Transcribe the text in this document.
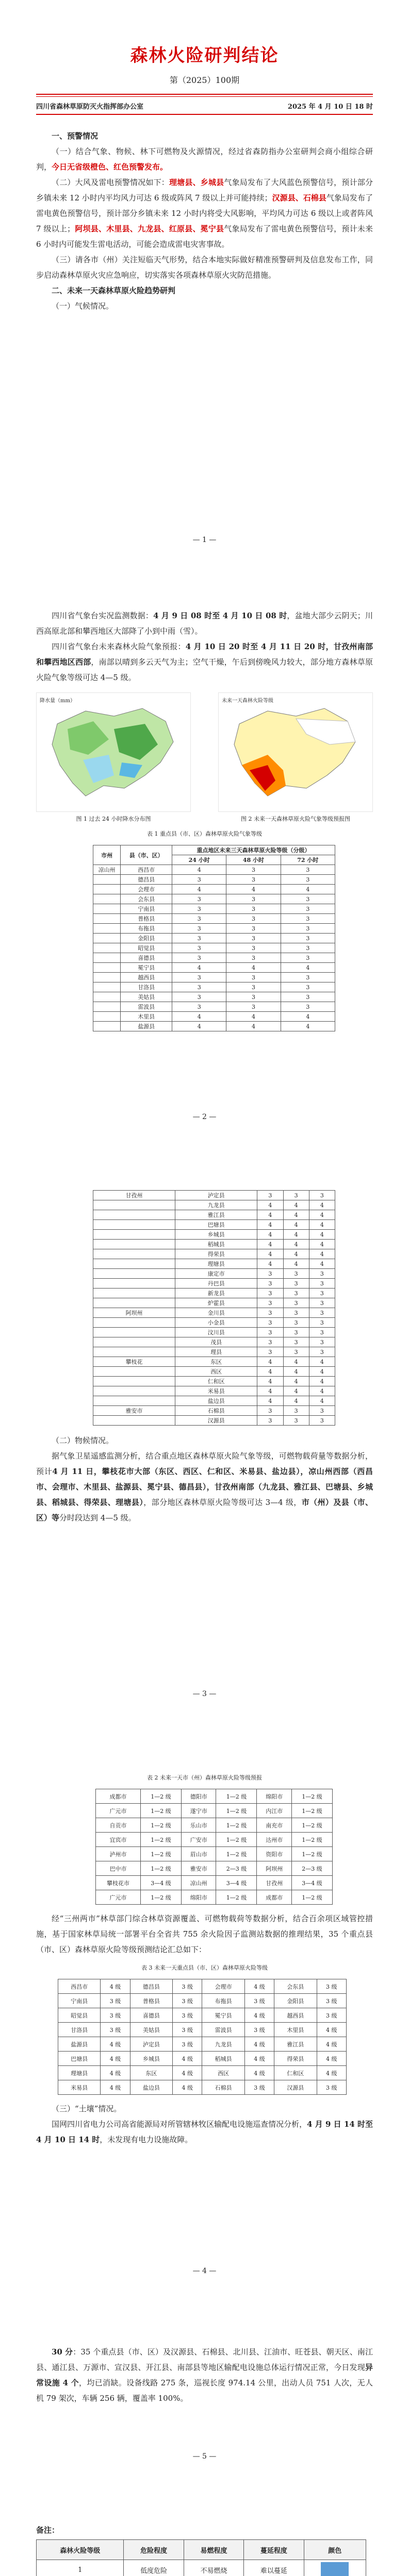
森林火险研判结论
第（2025）100期
四川省森林草原防灭火指挥部办公室	2025 年 4 月 10 日 18 时

一、预警情况

（一）结合气象、物候、林下可燃物及火源情况，经过省森防指办公室研判会商小组综合研判，今日无省级橙色、红色预警发布。

（二）大风及雷电预警情况如下：理塘县、乡城县气象局发布了大风蓝色预警信号，预计部分乡镇未来 12 小时内平均风力可达 6 级或阵风 7 级以上并可能持续；汉源县、石棉县气象局发布了雷电黄色预警信号，预计部分乡镇未来 12 小时内将受大风影响，平均风力可达 6 级以上或者阵风 7 级以上；阿坝县、木里县、九龙县、红原县、冕宁县气象局发布了雷电黄色预警信号，预计未来 6 小时内可能发生雷电活动，可能会造成雷电灾害事故。

（三）请各市（州）关注短临天气形势，结合本地实际做好精准预警研判及信息发布工作，同步启动森林草原火灾应急响应，切实落实各项森林草原火灾防范措施。

二、未来一天森林草原火险趋势研判

（一）气候情况。

— 1 —

四川省气象台实况监测数据：4 月 9 日 08 时至 4 月 10 日 08 时，盆地大部少云阴天；川西高原北部和攀西地区大部降了小到中雨（雪）。

四川省气象台未来森林火险气象预报：4 月 10 日 20 时至 4 月 11 日 20 时，甘孜州南部和攀西地区西部，南部以晴到多云天气为主；空气干燥，午后到傍晚风力较大，部分地方森林草原火险气象等级可达 4—5 级。

降水量（mm）

图 1 过去 24 小时降水分布图

未来一天森林火险等级

图 2 未来一天森林草原火险气象等级预报图

表 1 重点县（市、区）森林草原火险气象等级

市州	县（市、区）	重点地区未来三天森林草原火险等级（分级）		
		24 小时	48 小时	72 小时
凉山州	西昌市	4	3	3
	德昌县	3	3	3
	会理市	4	4	4
	会东县	3	3	3
	宁南县	3	3	3
	普格县	3	3	3
	布拖县	3	3	3
	金阳县	3	3	3
	昭觉县	3	3	3
	喜德县	3	3	3
	冕宁县	4	4	4
	越西县	3	3	3
	甘洛县	3	3	3
	美姑县	3	3	3
	雷波县	3	3	3
	木里县	4	4	4
	盐源县	4	4	4
— 2 —
甘孜州	泸定县	3	3	3
	九龙县	4	4	4
	雅江县	4	4	4
	巴塘县	4	4	4
	乡城县	4	4	4
	稻城县	4	4	4
	得荣县	4	4	4
	理塘县	4	4	4
	康定市	3	3	3
	丹巴县	3	3	3
	新龙县	3	3	3
	炉霍县	3	3	3
阿坝州	金川县	3	3	3
	小金县	3	3	3
	汶川县	3	3	3
	茂县	3	3	3
	理县	3	3	3
攀枝花	东区	4	4	4
	西区	4	4	4
	仁和区	4	4	4
	米易县	4	4	4
	盐边县	4	4	4
雅安市	石棉县	3	3	3
	汉源县	3	3	3

（二）物候情况。

据气象卫星遥感监测分析，结合重点地区森林草原火险气象等级，可燃物载荷量等数据分析，预计4 月 11 日，攀枝花市大部（东区、西区、仁和区、米易县、盐边县），凉山州西部（西昌市、会理市、木里县、盐源县、冕宁县、德昌县），甘孜州南部（九龙县、雅江县、巴塘县、乡城县、稻城县、得荣县、理塘县），部分地区森林草原火险等级可达 3—4 级，市（州）及县（市、区）等分时段达到 4—5 级。

— 3 —

表 2 未来一天市（州）森林草原火险等级预报

成都市	1—2 级	德阳市	1—2 级	绵阳市	1—2 级
广元市	1—2 级	遂宁市	1—2 级	内江市	1—2 级
自贡市	1—2 级	乐山市	1—2 级	南充市	1—2 级
宜宾市	1—2 级	广安市	1—2 级	达州市	1—2 级
泸州市	1—2 级	眉山市	1—2 级	资阳市	1—2 级
巴中市	1—2 级	雅安市	2—3 级	阿坝州	2—3 级
攀枝花市	3—4 级	凉山州	3—4 级	甘孜州	3—4 级
广元市	1—2 级	绵阳市	1—2 级	成都市	1—2 级

经“三州两市”林草部门综合林草资源覆盖、可燃物载荷等数据分析，结合百余项区域管控措施，基于国家林草局统一部署平台全省共 755 余火险因子监测站数据的推理结果，35 个重点县（市、区）森林草原火险等级预测结论汇总如下：

表 3 未来一天重点县（市、区）森林草原火险等级

西昌市	4 级	德昌县	3 级	会理市	4 级	会东县	3 级
宁南县	3 级	普格县	3 级	布拖县	3 级	金阳县	3 级
昭觉县	3 级	喜德县	3 级	冕宁县	4 级	越西县	3 级
甘洛县	3 级	美姑县	3 级	雷波县	3 级	木里县	4 级
盐源县	4 级	泸定县	3 级	九龙县	4 级	雅江县	4 级
巴塘县	4 级	乡城县	4 级	稻城县	4 级	得荣县	4 级
理塘县	4 级	东区	4 级	西区	4 级	仁和区	4 级
米易县	4 级	盐边县	4 级	石棉县	3 级	汉源县	3 级

（三）“土壤”情况。

国网四川省电力公司高省能源局对所管辖林牧区输配电设施巡查情况分析，4 月 9 日 14 时至 4 月 10 日 14 时，未发现有电力设施故障。

— 4 —

30 分：35 个重点县（市、区）及汉源县、石棉县、北川县、江油市、旺苍县、朝天区、南江县、通江县、万源市、宣汉县、开江县、南部县等地区输配电设施总体运行情况正常，今日发现异常设施 4 个，均已消缺。设备线路 275 条，巡视长度 974.14 公里，出动人员 751 人次，无人机 79 架次，车辆 256 辆，覆盖率 100%。

— 5 —
备注：
森林火险等级	危险程度	易燃程度	蔓延程度	颜色
1	低度危险	不易燃烧	难以蔓延	
